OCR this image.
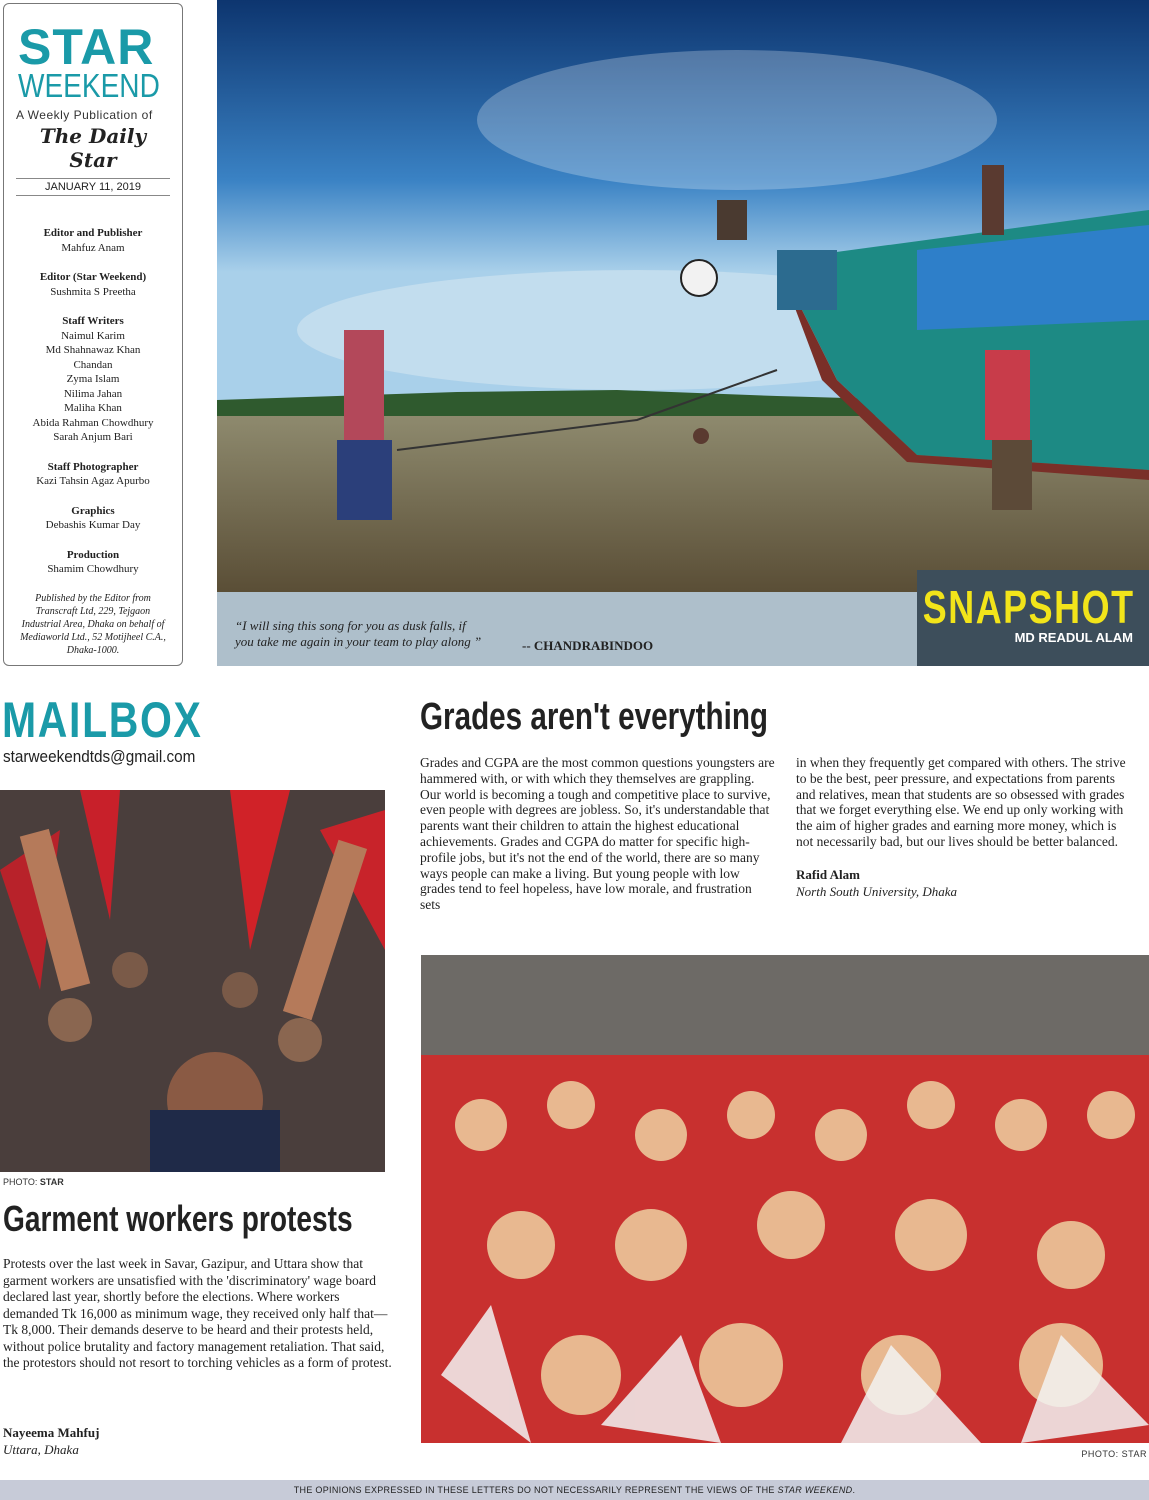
STAR
WEEKEND
A Weekly Publication of
The Daily Star
JANUARY 11, 2019
Editor and Publisher
Mahfuz Anam
Editor (Star Weekend)
Sushmita S Preetha
Staff Writers
Naimul Karim
Md Shahnawaz Khan
Chandan
Zyma Islam
Nilima Jahan
Maliha Khan
Abida Rahman Chowdhury
Sarah Anjum Bari
Staff Photographer
Kazi Tahsin Agaz Apurbo
Graphics
Debashis Kumar Day
Production
Shamim Chowdhury
Published by the Editor from Transcraft Ltd, 229, Tejgaon Industrial Area, Dhaka on behalf of Mediaworld Ltd., 52 Motijheel C.A., Dhaka-1000.
“I will sing this song for you as dusk falls, if
you take me again in your team to play along ”	-- CHANDRABINDOO
SNAPSHOT
MD READUL ALAM
MAILBOX
starweekendtds@gmail.com
PHOTO: STAR
Garment workers protests
Protests over the last week in Savar, Gazipur, and Uttara show that garment workers are unsatisfied with the 'discriminatory' wage board declared last year, shortly before the elections. Where workers demanded Tk 16,000 as minimum wage, they received only half that—Tk 8,000. Their demands deserve to be heard and their protests held, without police brutality and factory management retaliation. That said, the protestors should not resort to torching vehicles as a form of protest.
Nayeema Mahfuj
Uttara, Dhaka
Grades aren't everything
Grades and CGPA are the most common questions youngsters are hammered with, or with which they themselves are grappling. Our world is becoming a tough and competitive place to survive, even people with degrees are jobless. So, it's understandable that parents want their children to attain the highest educational achievements. Grades and CGPA do matter for specific high-profile jobs, but it's not the end of the world, there are so many ways people can make a living. But young people with low grades tend to feel hopeless, have low morale, and frustration sets
in when they frequently get compared with others. The strive to be the best, peer pressure, and expectations from parents and relatives, mean that students are so obsessed with grades that we forget everything else. We end up only working with the aim of higher grades and earning more money, which is not necessarily bad, but our lives should be better balanced.
Rafid Alam
North South University, Dhaka
PHOTO: STAR
THE OPINIONS EXPRESSED IN THESE LETTERS DO NOT NECESSARILY REPRESENT THE VIEWS OF THE STAR WEEKEND.
